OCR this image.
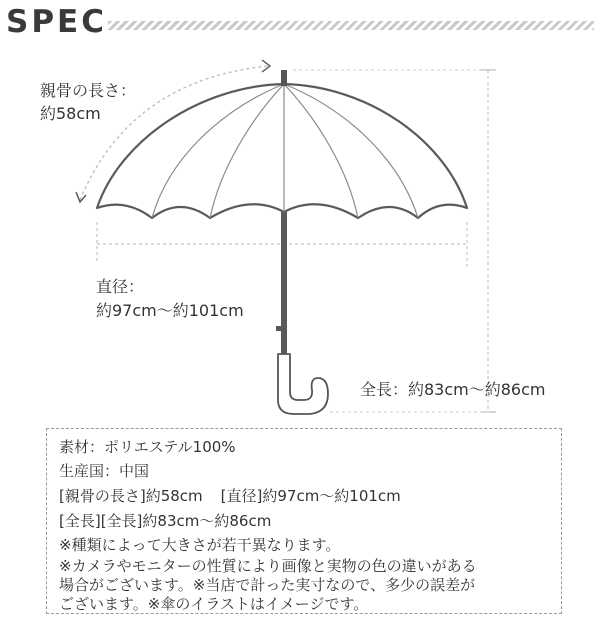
SPEC
親骨の長さ：
約58cm
直径：
約97cm〜約101cm
全長：約83cm〜約86cm
素材：ポリエステル100%
生産国：中国
[親骨の長さ]約58cm [直径]約97cm〜約101cm
[全長][全長]約83cm〜約86cm
※種類によって大きさが若干異なります。
※カメラやモニターの性質により画像と実物の色の違いがある
場合がございます。※当店で計った実寸なので、多少の誤差が
ございます。※傘のイラストはイメージです。
